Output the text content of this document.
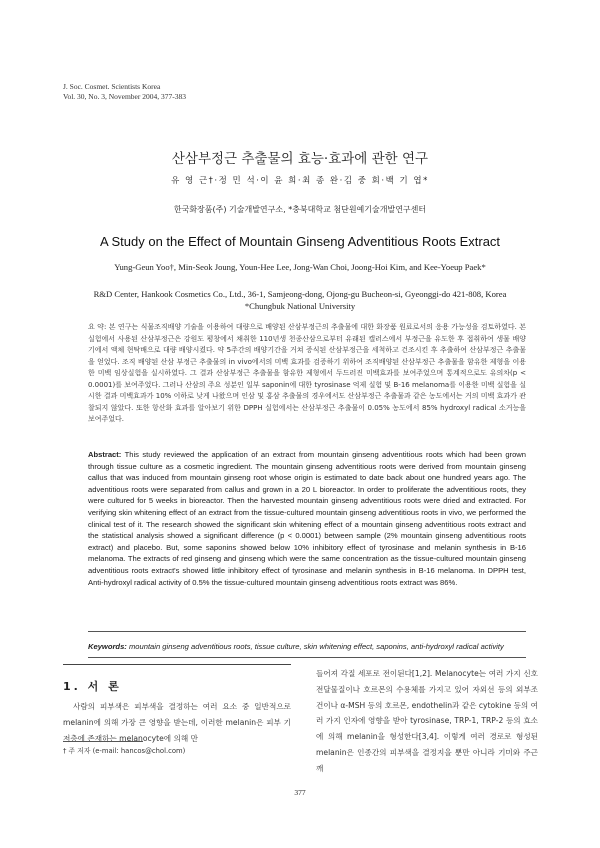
J. Soc. Cosmet. Scientists Korea
Vol. 30, No. 3, November 2004, 377-383
산삼부정근 추출물의 효능·효과에 관한 연구
유 영 근†·정 민 석·이 윤 희·최 종 완·김 중 회·백 기 엽*
한국화장품(주) 기술개발연구소, *충북대학교 첨단원예기술개발연구센터
A Study on the Effect of Mountain Ginseng Adventitious Roots Extract
Yung-Geun Yoo†, Min-Seok Joung, Youn-Hee Lee, Jong-Wan Choi, Joong-Hoi Kim, and Kee-Yoeup Paek*
R&D Center, Hankook Cosmetics Co., Ltd., 36-1, Samjeong-dong, Ojong-gu Bucheon-si, Gyeonggi-do 421-808, Korea
*Chungbuk National University
요 약: 본 연구는 식물조직배양 기술을 이용하여 대량으로 배양된 산삼부정근의 추출물에 대한 화장품 원료로서의 응용 가능성을 검토하였다. 본 실험에서 사용된 산삼부정근은 강원도 평창에서 채취한 110년생 천종산삼으로부터 유래된 캘러스에서 부정근을 유도한 후 접취하여 생물 배양기에서 액체 현탁배으로 대량 배양시켰다. 약 5주간의 배양기간을 거쳐 증식된 산삼부정근을 세척하고 건조시킨 후 추출하여 산삼부정근 추출물을 얻었다. 조직 배양된 산삼 부정근 추출물의 in vivo에서의 미백 효과를 검증하기 위하여 조직배양된 산삼부정근 추출물을 함유한 제형을 이용한 미백 임상실험을 실시하였다. 그 결과 산삼부정근 추출물을 함유한 제형에서 두드러진 미백효과를 보여주었으며 통계적으로도 유의차(p < 0.0001)를 보여주었다. 그러나 산삼의 주요 성분인 일부 saponin에 대한 tyrosinase 억제 실험 및 B-16 melanoma를 이용한 미백 실험을 실시한 결과 미백효과가 10% 이하로 낮게 나왔으며 인삼 및 홍삼 추출물의 경우에서도 산삼부정근 추출물과 같은 농도에서는 거의 미백 효과가 관찰되지 않았다. 또한 항산화 효과를 알아보기 위한 DPPH 실험에서는 산삼부정근 추출물이 0.05% 농도에서 85% hydroxyl radical 소거능을 보여주었다.
Abstract: This study reviewed the application of an extract from mountain ginseng adventitious roots which had been grown through tissue culture as a cosmetic ingredient. The mountain ginseng adventitious roots were derived from mountain ginseng callus that was induced from mountain ginseng root whose origin is estimated to date back about one hundred years ago. The adventitious roots were separated from callus and grown in a 20 L bioreactor. In order to proliferate the adventitious roots, they were cultured for 5 weeks in bioreactor. Then the harvested mountain ginseng adventitious roots were dried and extracted. For verifying skin whitening effect of an extract from the tissue-cultured mountain ginseng adventitious roots in vivo, we performed the clinical test of it. The research showed the significant skin whitening effect of a mountain ginseng adventitious roots extract and the statistical analysis showed a significant difference (p < 0.0001) between sample (2% mountain ginseng adventitious roots extract) and placebo. But, some saponins showed below 10% inhibitory effect of tyrosinase and melanin synthesis in B-16 melanoma. The extracts of red ginseng and ginseng which were the same concentration as the tissue-cultured mountain ginseng adventitious roots extract's showed little inhibitory effect of tyrosinase and melanin synthesis in B-16 melanoma. In DPPH test, Anti-hydroxyl radical activity of 0.5% the tissue-cultured mountain ginseng adventitious roots extract was 86%.
Keywords: mountain ginseng adventitious roots, tissue culture, skin whitening effect, saponins, anti-hydroxyl radical activity
1. 서 론

사람의 피부색은 피부색을 결정하는 여러 요소 중 일반적으로 melanin에 의해 가장 큰 영향을 받는데, 이러한 melanin은 피부 기저층에 존재하는 melanocyte에 의해 만

들어져 각질 세포로 전이된다[1,2]. Melanocyte는 여러 가지 신호 전달물질이나 호르몬의 수용체를 가지고 있어 자외선 등의 외부조건이나 α-MSH 등의 호르몬, endothelin과 같은 cytokine 등의 여러 가지 인자에 영향을 받아 tyrosinase, TRP-1, TRP-2 등의 효소에 의해 melanin을 형성한다[3,4]. 이렇게 여러 경로로 형성된 melanin은 인종간의 피부색을 결정지을 뿐만 아니라 기미와 주근깨

† 주 저자 (e-mail: hancos@chol.com)
377
